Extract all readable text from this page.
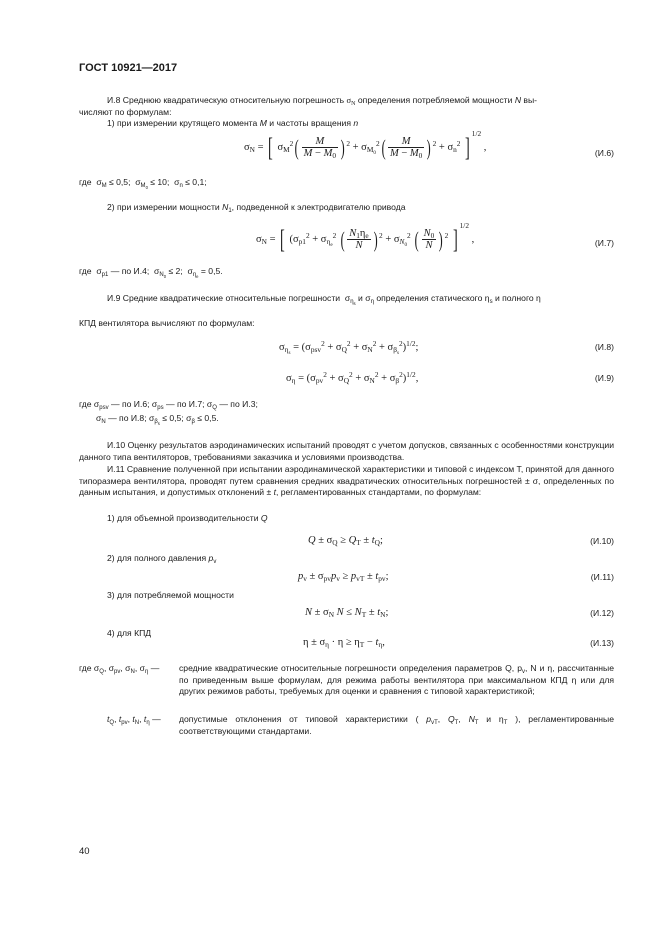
ГОСТ 10921—2017
И.8 Среднюю квадратическую относительную погрешность $\sigma_N$ определения потребляемой мощности N вы-
числяют по формулам:
1) при измерении крутящего момента M и частоты вращения n
$\sigma_N$ = [ $\sigma_M^2( \frac{M}{M - M_0}$ ) $^2 + \sigma_{M_0}^2( \frac{M}{M - M_0}$ ) $^2 + \sigma_n^2$ ] $^{1/2}$ ,	(И.6)
где  $\sigma_M \le 0,5$;  $\sigma_{M_0} \le 10$;  $\sigma_n \le 0,1$;
2) при измерении мощности $N_1$, подведенной к электродвигателю привода
$\sigma_N$ = [ ($\sigma_{p1}^2 + \sigma_{\eta_e}^2$ ( $\frac{N_1\eta_e}{N}$ ) $^2 + \sigma_{N_0}^2$ ( $\frac{N_0}{N}$ ) $^2$ ] $^{1/2}$ ,	(И.7)
где  $\sigma_{p1}$ — по И.4;  $\sigma_{N_0} \le 2$;  $\sigma_{\eta_e} = 0,5$.
И.9 Средние квадратические относительные погрешности  $\sigma_{\eta_s}$ и $\sigma_\eta$ определения статического $\eta_s$ и полного η
КПД вентилятора вычисляют по формулам:
$\sigma_{\eta_s} = (\sigma_{psv}^2 + \sigma_Q^2 + \sigma_N^2 + \sigma_{\beta_s}^2)^{1/2}$;	(И.8)
$\sigma_\eta = (\sigma_{pv}^2 + \sigma_Q^2 + \sigma_N^2 + \sigma_\beta^2)^{1/2}$,	(И.9)
где $\sigma_{psv}$ — по И.6; $\sigma_{ps}$ — по И.7; $\sigma_Q$ — по И.3;
$\sigma_N$ — по И.8; $\sigma_{\beta_s} \le 0,5$; $\sigma_\beta \le 0,5$.
И.10 Оценку результатов аэродинамических испытаний проводят с учетом допусков, связанных с особенностями конструкции данного типа вентиляторов, требованиями заказчика и условиями производства.
И.11 Сравнение полученной при испытании аэродинамической характеристики и типовой с индексом Т, принятой для данного типоразмера вентилятора, проводят путем сравнения средних квадратических относительных погрешностей ± σ, определенных по данным испытания, и допустимых отклонений ± t, регламентированных стандартами, по формулам:
1) для объемной производительности Q
$Q \pm \sigma_Q \ge Q_T \pm t_Q$;	(И.10)
2) для полного давления $p_v$
$p_v \pm \sigma_{pv}p_v \ge p_{vT} \pm t_{pv}$;	(И.11)
3) для потребляемой мощности
$N \pm \sigma_N$ $N \le N_T \pm t_N$;	(И.12)
4) для КПД
$\eta \pm \sigma_\eta \cdot \eta \ge \eta_T - t_\eta$,	(И.13)
где $\sigma_Q$, $\sigma_{pv}$, $\sigma_N$, $\sigma_\eta$ — средние квадратические относительные погрешности определения параметров Q, $p_v$, N и η, рассчитанные по приведенным выше формулам, для режима работы вентилятора при максимальном КПД η или для других режимов работы, требуемых для оценки и сравнения с типовой характеристикой;
$t_Q$, $t_{pv}$, $t_N$, $t_\eta$ — допустимые отклонения от типовой характеристики ( $p_{vT}$, $Q_T$, $N_T$ и $\eta_T$ ), регламентированные соответствующими стандартами.
40
